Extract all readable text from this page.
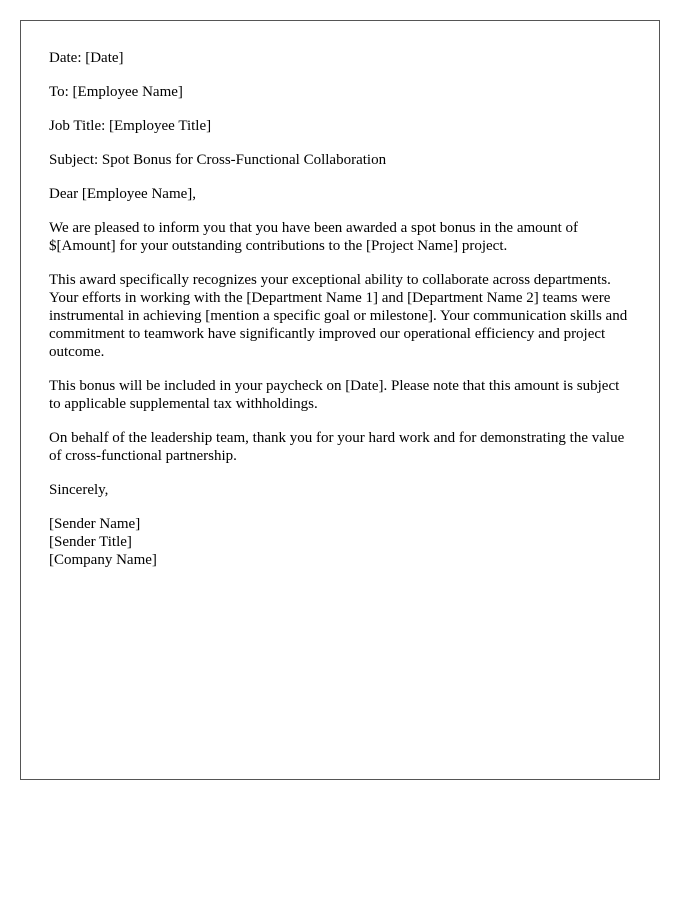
Date: [Date]

To: [Employee Name]

Job Title: [Employee Title]

Subject: Spot Bonus for Cross-Functional Collaboration

Dear [Employee Name],

We are pleased to inform you that you have been awarded a spot bonus in the amount of $[Amount] for your outstanding contributions to the [Project Name] project.

This award specifically recognizes your exceptional ability to collaborate across departments. Your efforts in working with the [Department Name 1] and [Department Name 2] teams were instrumental in achieving [mention a specific goal or milestone]. Your communication skills and commitment to teamwork have significantly improved our operational efficiency and project outcome.

This bonus will be included in your paycheck on [Date]. Please note that this amount is subject to applicable supplemental tax withholdings.

On behalf of the leadership team, thank you for your hard work and for demonstrating the value of cross-functional partnership.

Sincerely,

[Sender Name]
[Sender Title]
[Company Name]
